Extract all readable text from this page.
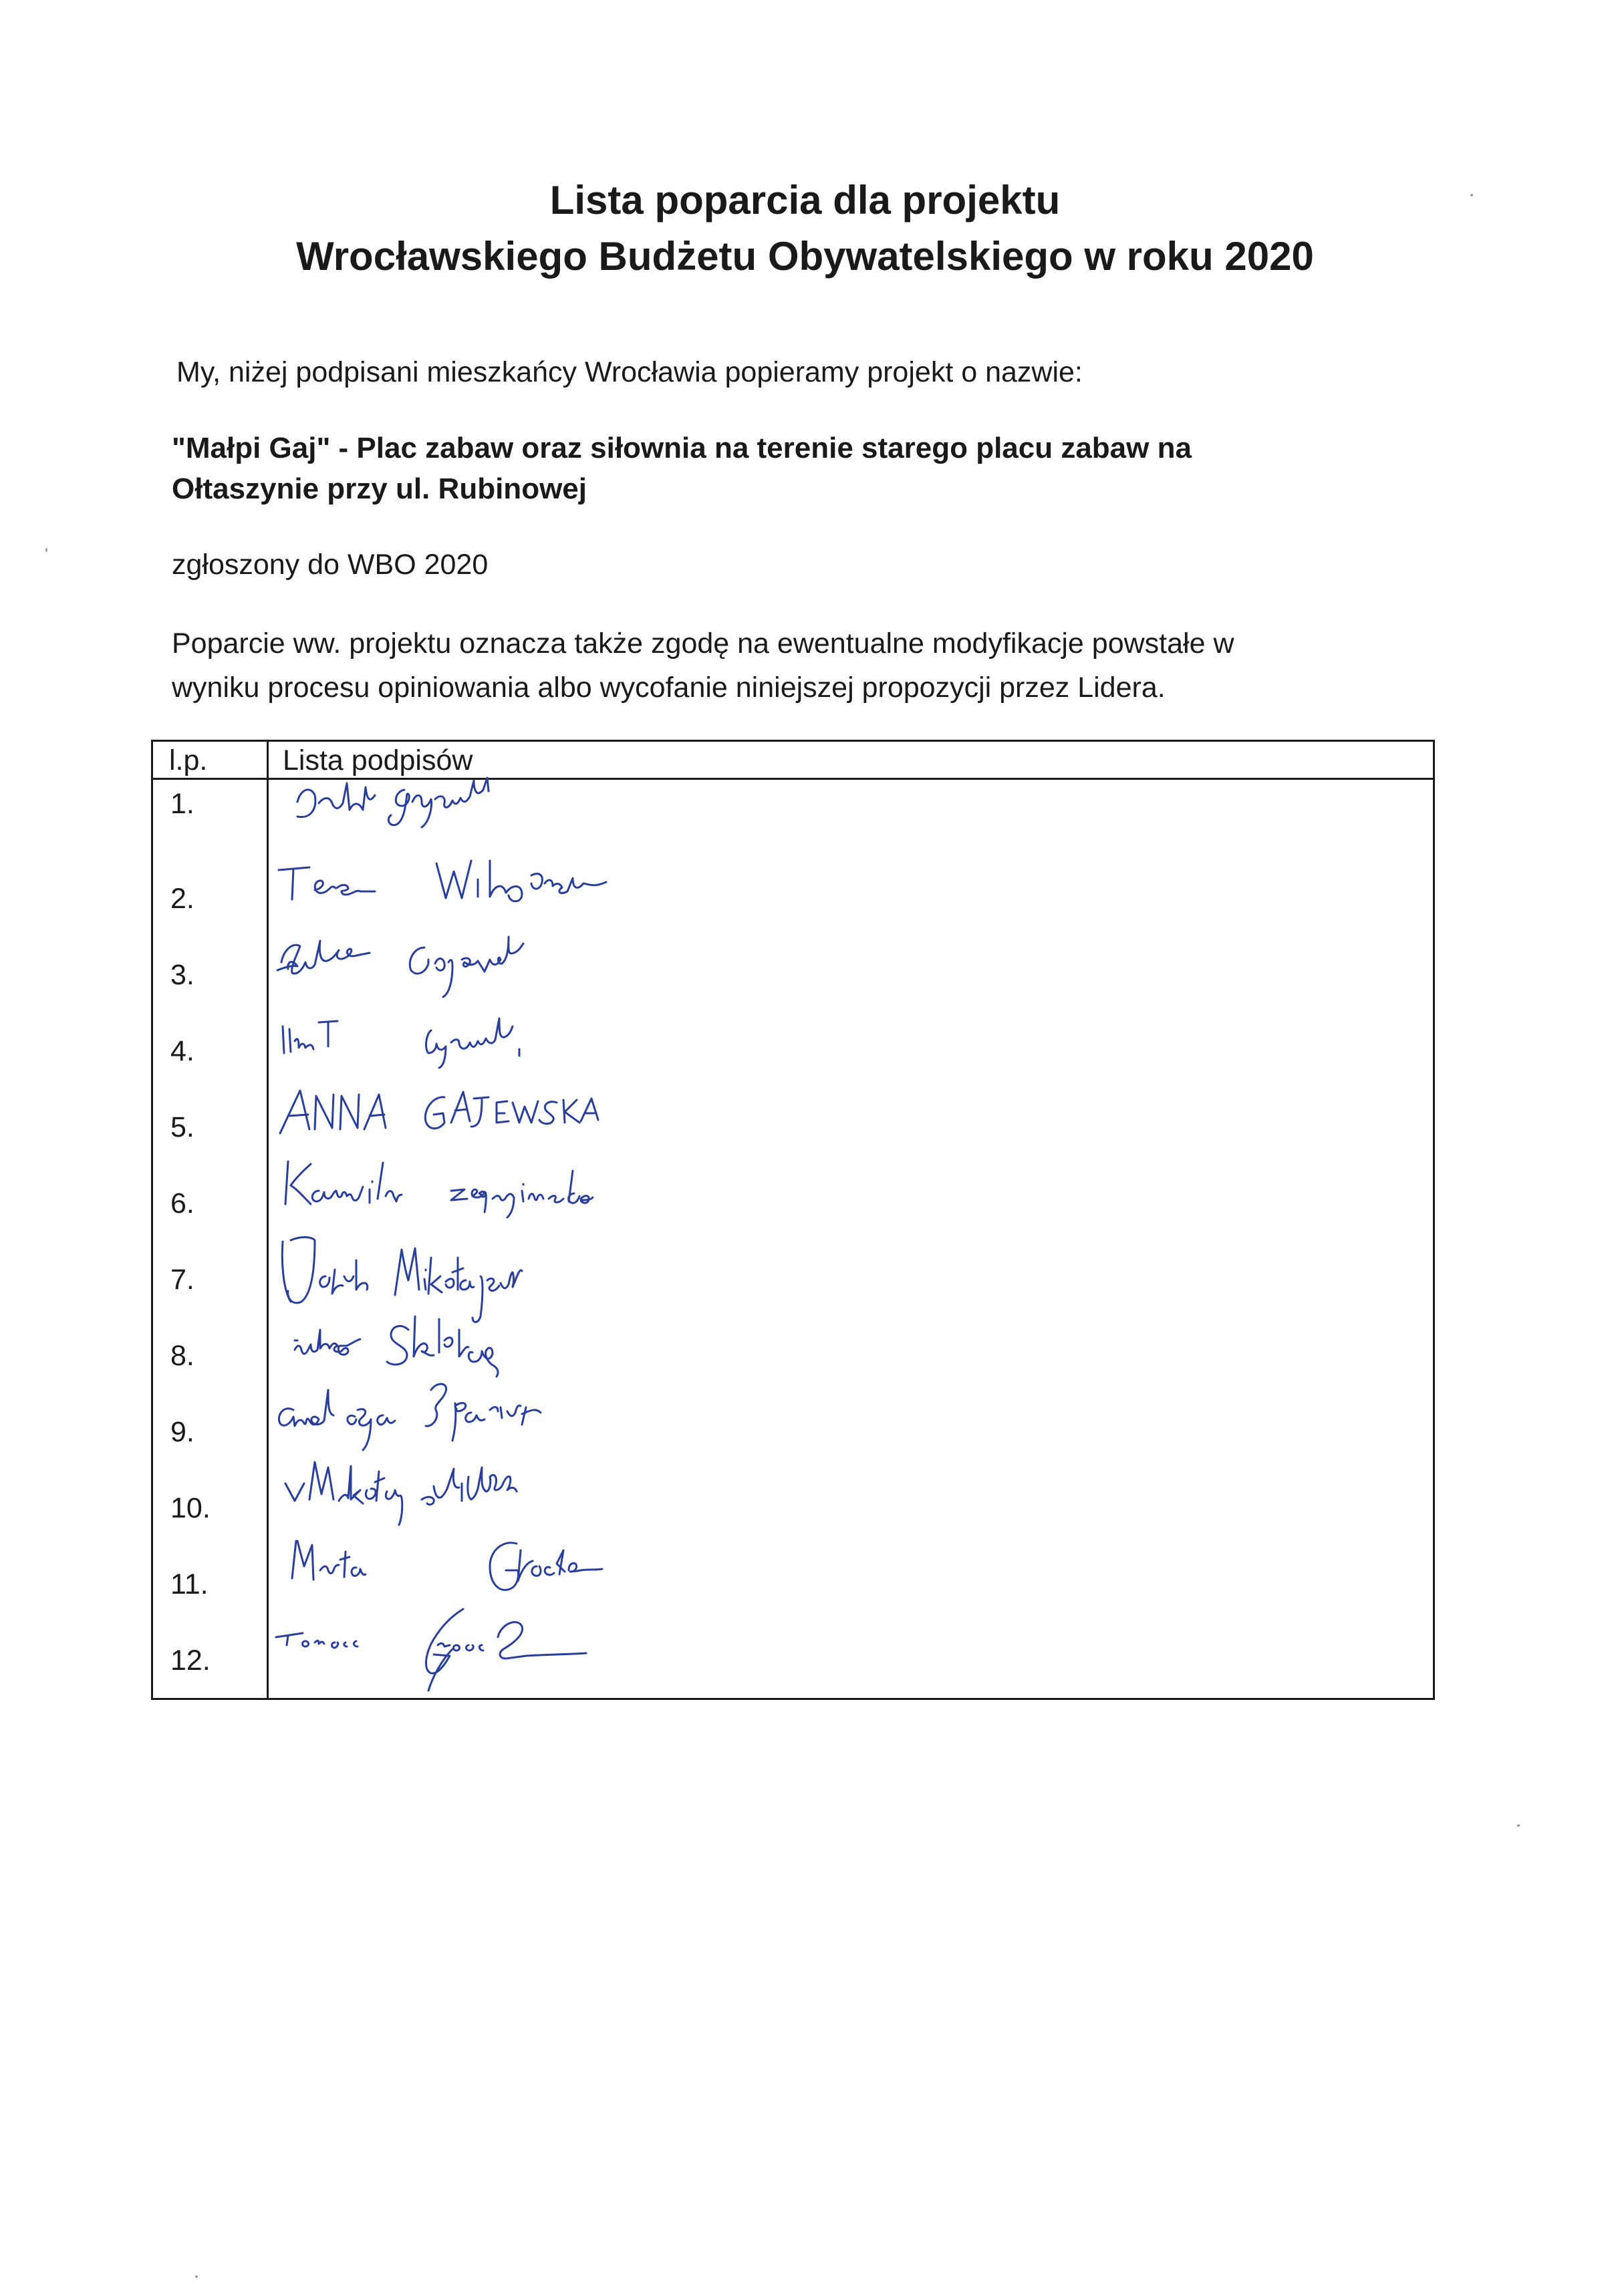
Lista poparcia dla projektu
Wrocławskiego Budżetu Obywatelskiego w roku 2020
My, niżej podpisani mieszkańcy Wrocławia popieramy projekt o nazwie:
"Małpi Gaj" - Plac zabaw oraz siłownia na terenie starego placu zabaw na
Ołtaszynie przy ul. Rubinowej
zgłoszony do WBO 2020
Poparcie ww. projektu oznacza także zgodę na ewentualne modyfikacje powstałe w
wyniku procesu opiniowania albo wycofanie niniejszej propozycji przez Lidera.
l.p.	Lista podpisów
1.
2.
3.
4.
5.
6.
7.
8.
9.
10.
11.
12.
